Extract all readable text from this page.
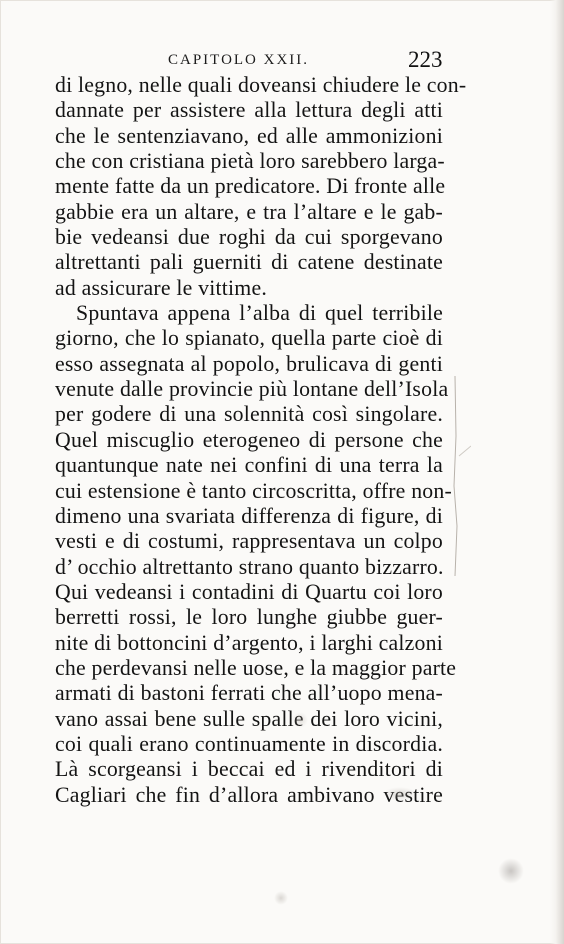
CAPITOLO XXII.	223
di legno, nelle quali doveansi chiudere le con-
dannate per assistere alla lettura degli atti
che le sentenziavano, ed alle ammonizioni
che con cristiana pietà loro sarebbero larga-
mente fatte da un predicatore. Di fronte alle
gabbie era un altare, e tra l’altare e le gab-
bie vedeansi due roghi da cui sporgevano
altrettanti pali guerniti di catene destinate
ad assicurare le vittime.
Spuntava appena l’alba di quel terribile
giorno, che lo spianato, quella parte cioè di
esso assegnata al popolo, brulicava di genti
venute dalle provincie più lontane dell’Isola
per godere di una solennità così singolare.
Quel miscuglio eterogeneo di persone che
quantunque nate nei confini di una terra la
cui estensione è tanto circoscritta, offre non-
dimeno una svariata differenza di figure, di
vesti e di costumi, rappresentava un colpo
d’ occhio altrettanto strano quanto bizzarro.
Qui vedeansi i contadini di Quartu coi loro
berretti rossi, le loro lunghe giubbe guer-
nite di bottoncini d’argento, i larghi calzoni
che perdevansi nelle uose, e la maggior parte
armati di bastoni ferrati che all’uopo mena-
vano assai bene sulle spalle dei loro vicini,
coi quali erano continuamente in discordia.
Là scorgeansi i beccai ed i rivenditori di
Cagliari che fin d’allora ambivano vestire
